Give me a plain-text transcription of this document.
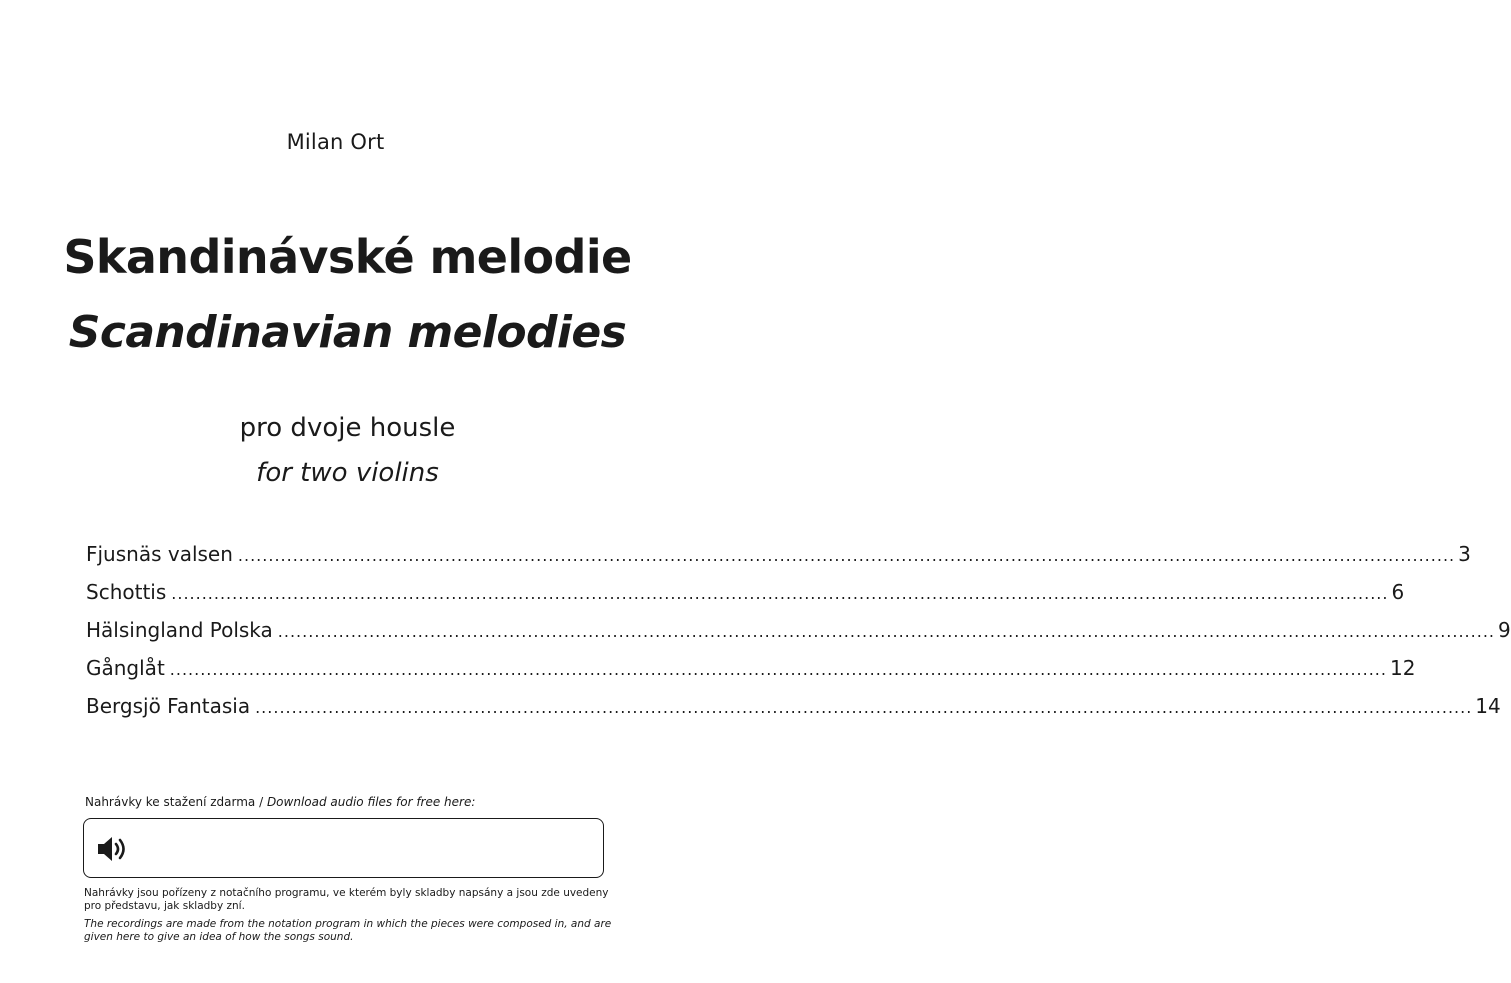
Milan Ort
Skandinávské melodie
Scandinavian melodies
pro dvoje housle
for two violins
Fjusnäs valsen ........................................................................................................................................................................................................ 3
Schottis ........................................................................................................................................................................................................ 6
Hälsingland Polska ........................................................................................................................................................................................................ 9
Gånglåt ........................................................................................................................................................................................................ 12
Bergsjö Fantasia ........................................................................................................................................................................................................ 14
Nahrávky ke stažení zdarma / Download audio files for free here:
Nahrávky jsou pořízeny z notačního programu, ve kterém byly skladby napsány a jsou zde uvedeny pro představu, jak skladby zní.
The recordings are made from the notation program in which the pieces were composed in, and are given here to give an idea of how the songs sound.
